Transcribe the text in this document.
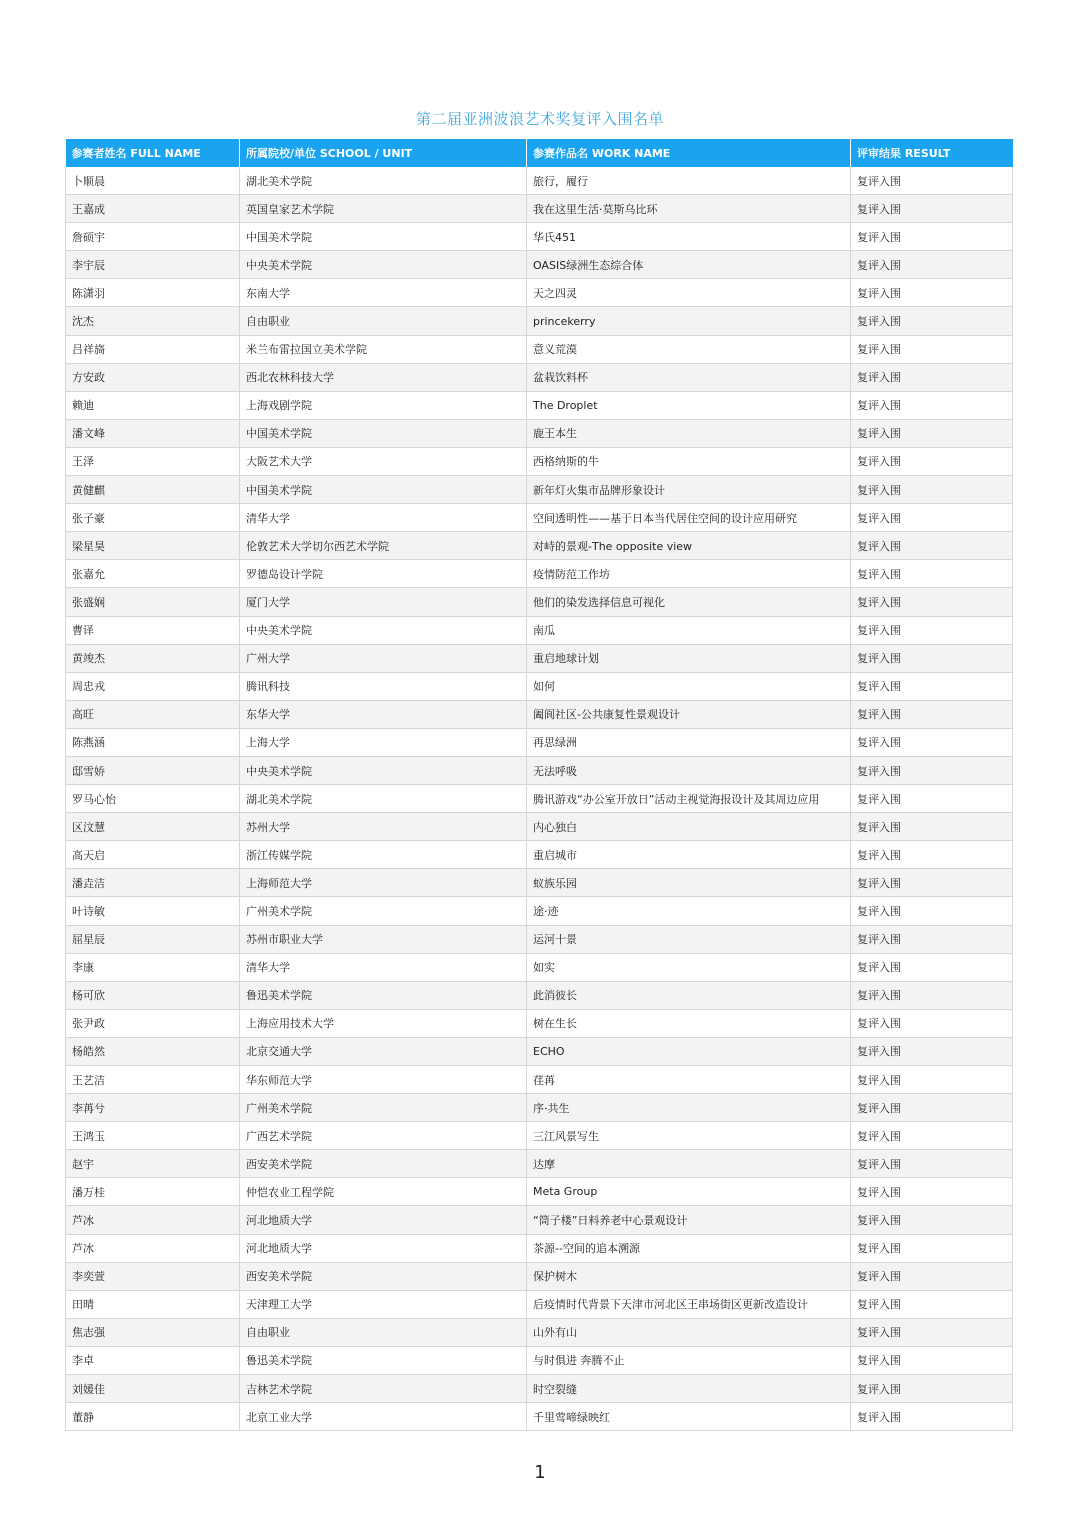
第二届亚洲波浪艺术奖复评入围名单
参赛者姓名 FULL NAME	所属院校/单位 SCHOOL / UNIT	参赛作品名 WORK NAME	评审结果 RESULT
卜顺晨	湖北美术学院	旅行，履行	复评入围
王嘉成	英国皇家艺术学院	我在这里生活·莫斯乌比环	复评入围
詹硕宇	中国美术学院	华氏451	复评入围
李宇辰	中央美术学院	OASIS绿洲生态综合体	复评入围
陈潇羽	东南大学	天之四灵	复评入围
沈杰	自由职业	princekerry	复评入围
吕祥旖	米兰布雷拉国立美术学院	意义荒漠	复评入围
方安政	西北农林科技大学	盆栽饮料杯	复评入围
赖迪	上海戏剧学院	The Droplet	复评入围
潘文峰	中国美术学院	鹿王本生	复评入围
王泽	大阪艺术大学	西格纳斯的牛	复评入围
黄健麒	中国美术学院	新年灯火集市品牌形象设计	复评入围
张子豪	清华大学	空间透明性——基于日本当代居住空间的设计应用研究	复评入围
梁星昊	伦敦艺术大学切尔西艺术学院	对峙的景观-The opposite view	复评入围
张嘉允	罗德岛设计学院	疫情防范工作坊	复评入围
张盛娴	厦门大学	他们的染发选择信息可视化	复评入围
曹译	中央美术学院	南瓜	复评入围
黄竣杰	广州大学	重启地球计划	复评入围
周忠戎	腾讯科技	如何	复评入围
高旺	东华大学	阖阆社区-公共康复性景观设计	复评入围
陈燕涵	上海大学	再思绿洲	复评入围
邸雪娇	中央美术学院	无法呼吸	复评入围
罗马心怡	湖北美术学院	腾讯游戏“办公室开放日”活动主视觉海报设计及其周边应用	复评入围
区汶慧	苏州大学	内心独白	复评入围
高天启	浙江传媒学院	重启城市	复评入围
潘垚洁	上海师范大学	蚁族乐园	复评入围
叶诗敏	广州美术学院	途·迹	复评入围
屈星辰	苏州市职业大学	运河十景	复评入围
李康	清华大学	如实	复评入围
杨可欣	鲁迅美术学院	此消彼长	复评入围
张尹政	上海应用技术大学	树在生长	复评入围
杨皓然	北京交通大学	ECHO	复评入围
王艺洁	华东师范大学	荏苒	复评入围
李苒兮	广州美术学院	序·共生	复评入围
王鸿玉	广西艺术学院	三江风景写生	复评入围
赵宇	西安美术学院	达摩	复评入围
潘万桂	仲恺农业工程学院	Meta Group	复评入围
芦冰	河北地质大学	“筒子楼”日料养老中心景观设计	复评入围
芦冰	河北地质大学	茶源--空间的追本溯源	复评入围
李奕萱	西安美术学院	保护树木	复评入围
田晴	天津理工大学	后疫情时代背景下天津市河北区王串场街区更新改造设计	复评入围
焦志强	自由职业	山外有山	复评入围
李卓	鲁迅美术学院	与时俱进 奔腾不止	复评入围
刘媛佳	吉林艺术学院	时空裂缝	复评入围
董静	北京工业大学	千里莺啼绿映红	复评入围
1
